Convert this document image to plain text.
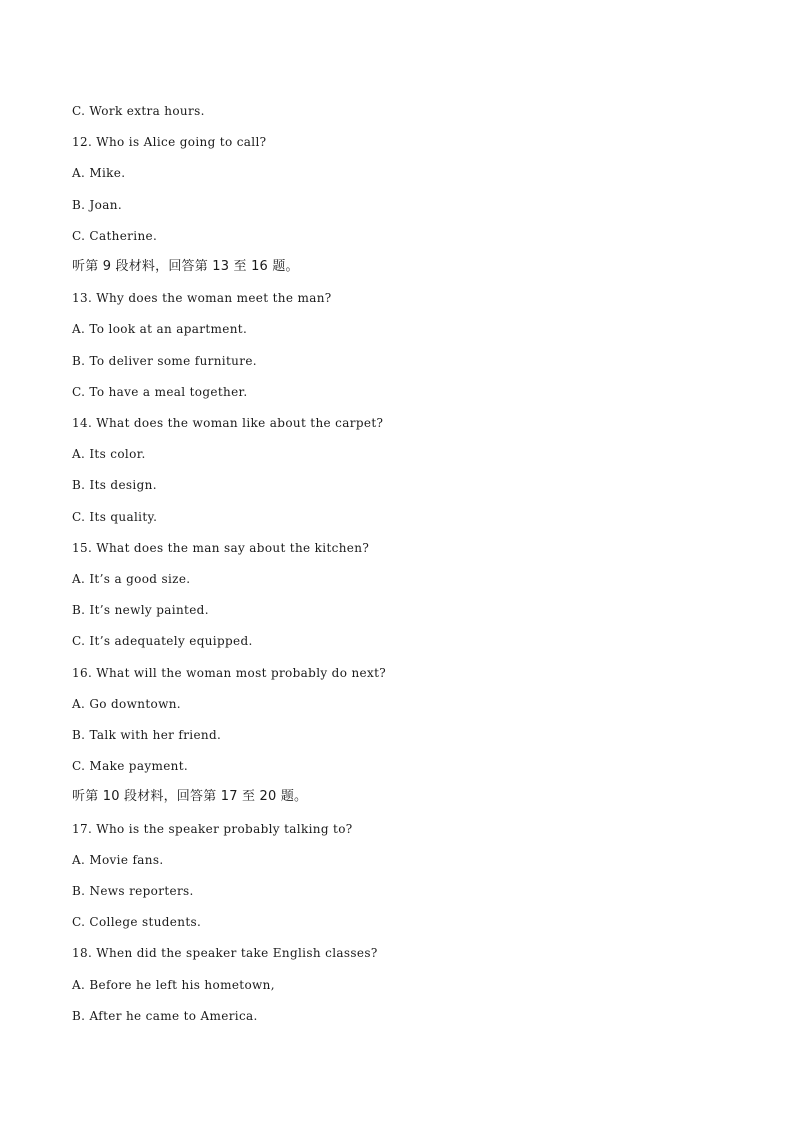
C. Work extra hours.
12. Who is Alice going to call?
A. Mike.
B. Joan.
C. Catherine.
听第 9 段材料，回答第 13 至 16 题。
13. Why does the woman meet the man?
A. To look at an apartment.
B. To deliver some furniture.
C. To have a meal together.
14. What does the woman like about the carpet?
A. Its color.
B. Its design.
C. Its quality.
15. What does the man say about the kitchen?
A. It’s a good size.
B. It’s newly painted.
C. It’s adequately equipped.
16. What will the woman most probably do next?
A. Go downtown.
B. Talk with her friend.
C. Make payment.
听第 10 段材料，回答第 17 至 20 题。
17. Who is the speaker probably talking to?
A. Movie fans.
B. News reporters.
C. College students.
18. When did the speaker take English classes?
A. Before he left his hometown,
B. After he came to America.
